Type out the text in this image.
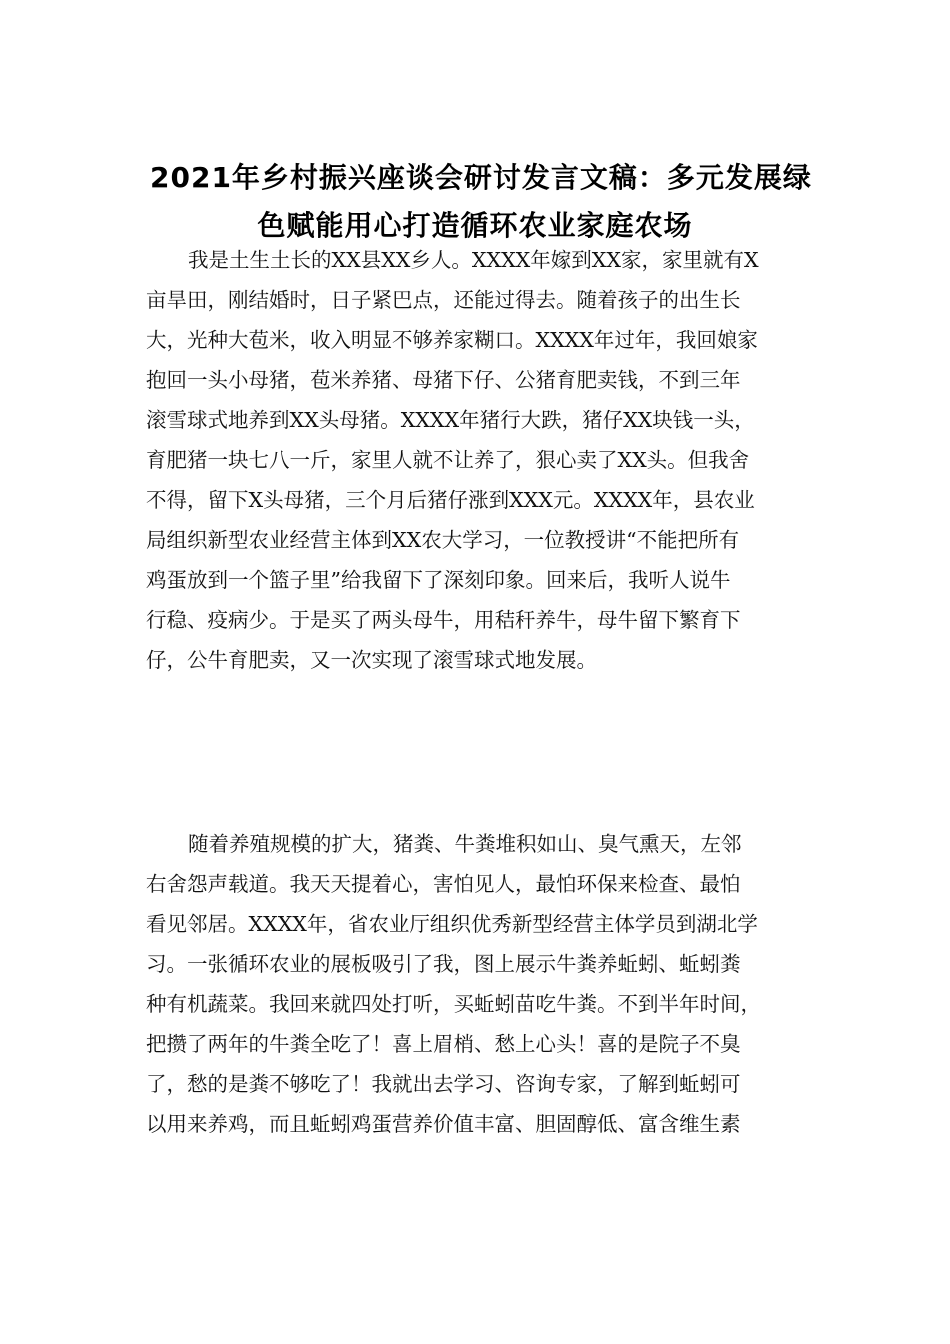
2021年乡村振兴座谈会研讨发言文稿：多元发展绿
色赋能用心打造循环农业家庭农场
我是土生土长的XX县XX乡人。XXXX年嫁到XX家，家里就有X
亩旱田，刚结婚时，日子紧巴点，还能过得去。随着孩子的出生长
大，光种大苞米，收入明显不够养家糊口。XXXX年过年，我回娘家
抱回一头小母猪，苞米养猪、母猪下仔、公猪育肥卖钱，不到三年
滚雪球式地养到XX头母猪。XXXX年猪行大跌，猪仔XX块钱一头，
育肥猪一块七八一斤，家里人就不让养了，狠心卖了XX头。但我舍
不得，留下X头母猪，三个月后猪仔涨到XXX元。XXXX年，县农业
局组织新型农业经营主体到XX农大学习，一位教授讲“不能把所有
鸡蛋放到一个篮子里”给我留下了深刻印象。回来后，我听人说牛
行稳、疫病少。于是买了两头母牛，用秸秆养牛，母牛留下繁育下
仔，公牛育肥卖，又一次实现了滚雪球式地发展。
随着养殖规模的扩大，猪粪、牛粪堆积如山、臭气熏天，左邻
右舍怨声载道。我天天提着心，害怕见人，最怕环保来检查、最怕
看见邻居。XXXX年，省农业厅组织优秀新型经营主体学员到湖北学
习。一张循环农业的展板吸引了我，图上展示牛粪养蚯蚓、蚯蚓粪
种有机蔬菜。我回来就四处打听，买蚯蚓苗吃牛粪。不到半年时间，
把攒了两年的牛粪全吃了！喜上眉梢、愁上心头！喜的是院子不臭
了，愁的是粪不够吃了！我就出去学习、咨询专家，了解到蚯蚓可
以用来养鸡，而且蚯蚓鸡蛋营养价值丰富、胆固醇低、富含维生素
